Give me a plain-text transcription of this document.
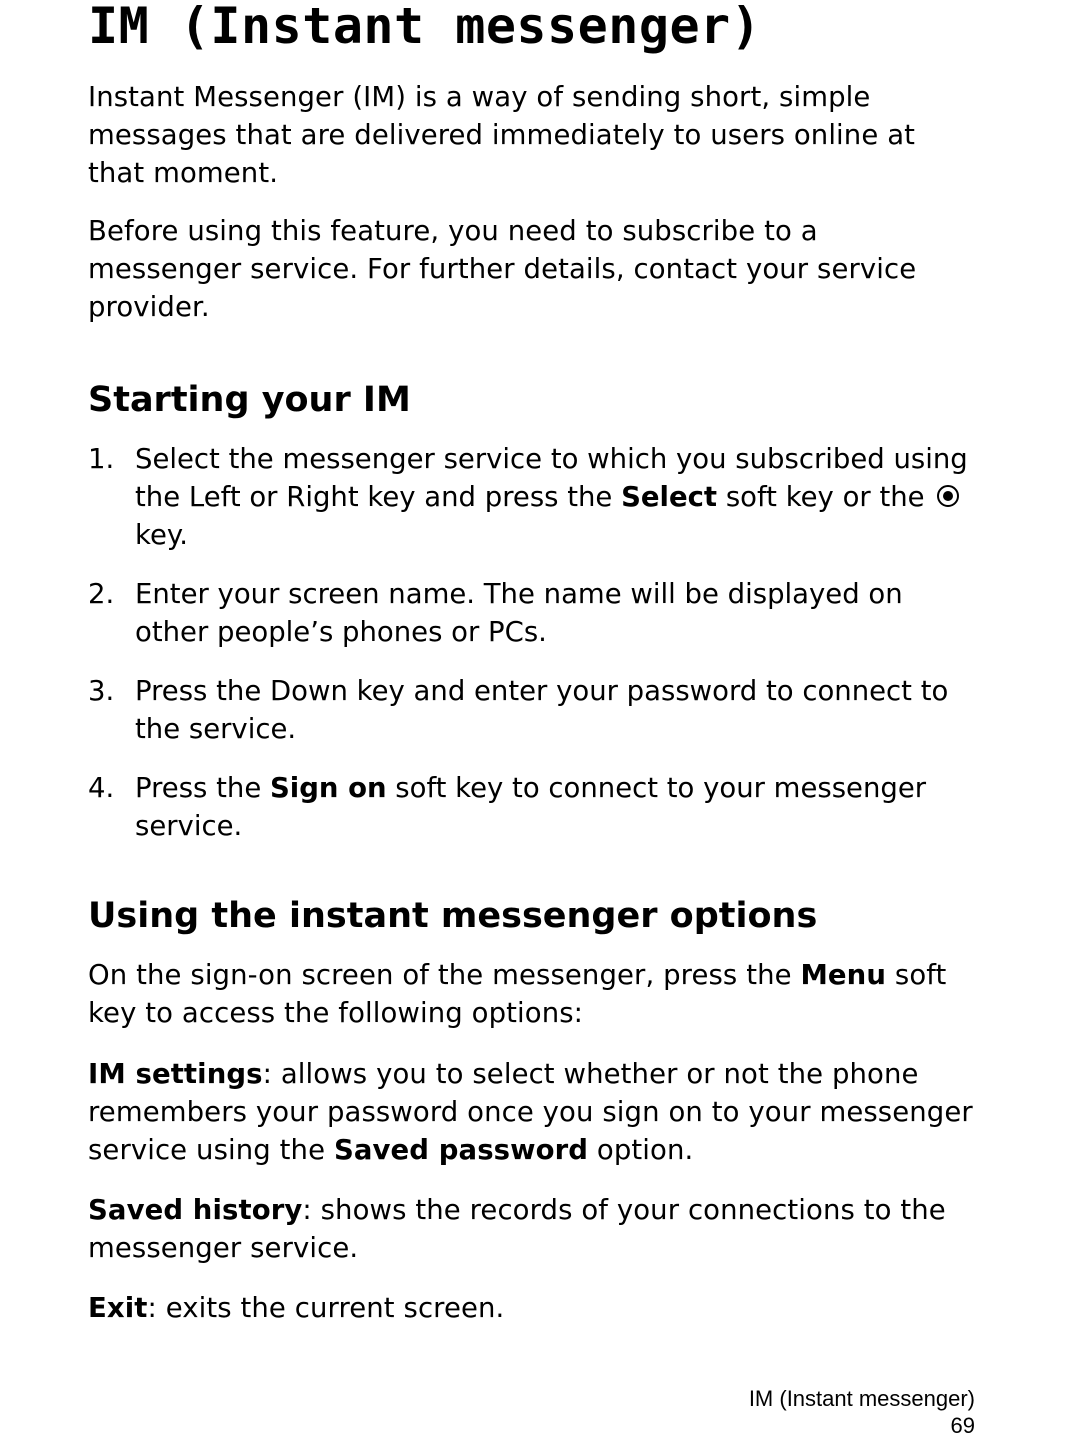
IM (Instant messenger)

Instant Messenger (IM) is a way of sending short, simple messages that are delivered immediately to users online at that moment.

Before using this feature, you need to subscribe to a messenger service. For further details, contact your service provider.

Starting your IM
1. Select the messenger service to which you subscribed using the Left or Right key and press the Select soft key or the  key.
2. Enter your screen name. The name will be displayed on other people’s phones or PCs.
3. Press the Down key and enter your password to connect to the service.
4. Press the Sign on soft key to connect to your messenger service.
Using the instant messenger options

On the sign-on screen of the messenger, press the Menu soft key to access the following options:

IM settings: allows you to select whether or not the phone remembers your password once you sign on to your messenger service using the Saved password option.

Saved history: shows the records of your connections to the messenger service.

Exit: exits the current screen.

IM (Instant messenger)
69
